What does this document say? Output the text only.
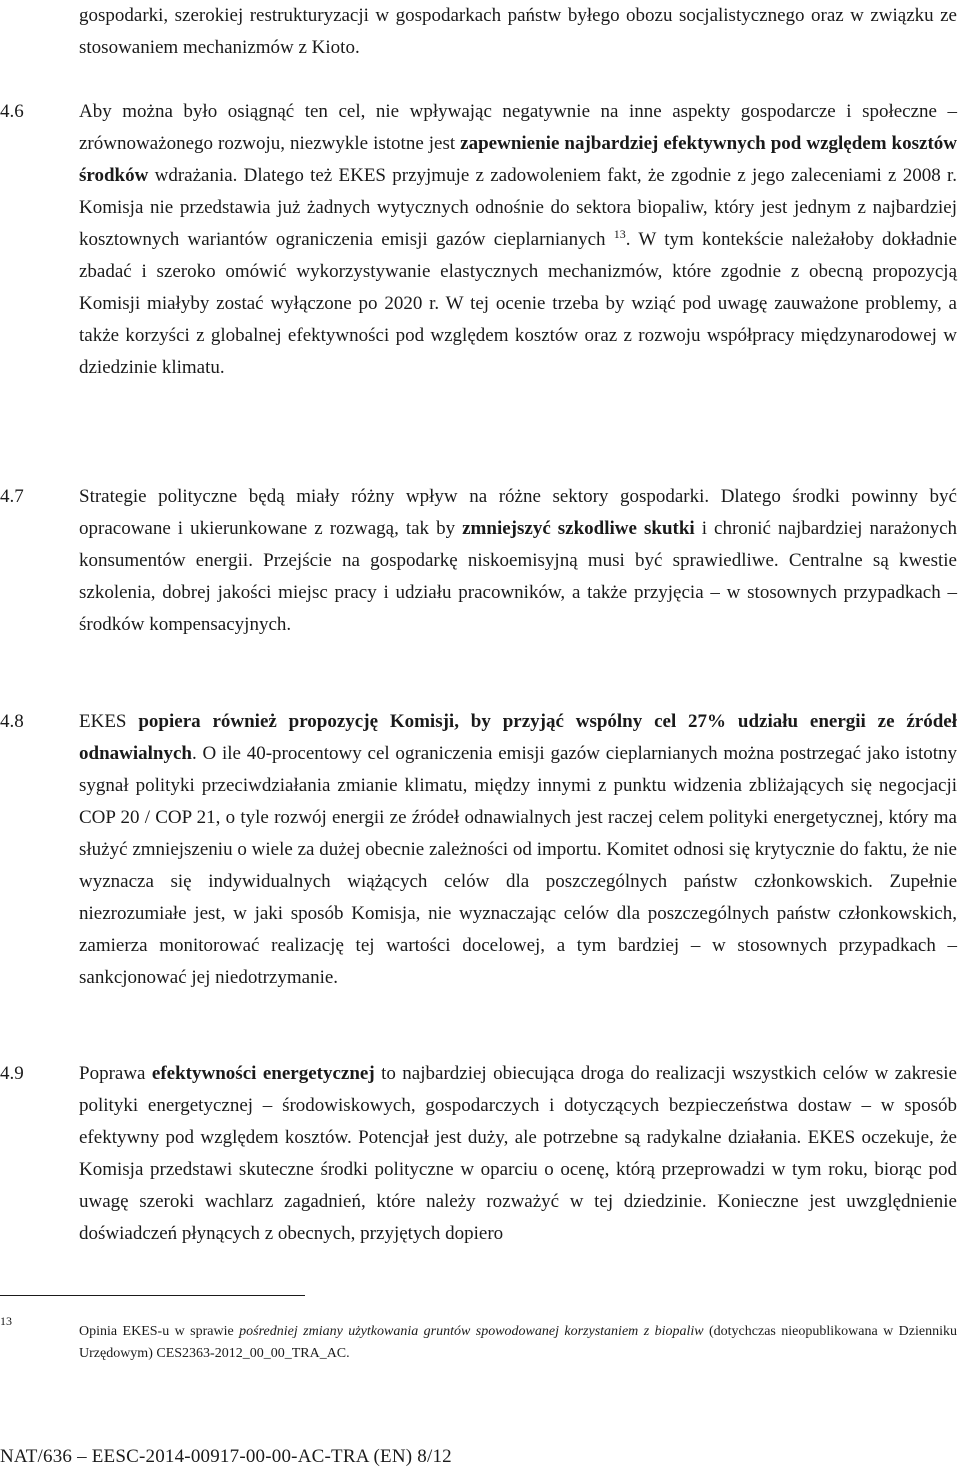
gospodarki, szerokiej restrukturyzacji w gospodarkach państw byłego obozu socjalistycznego oraz w związku ze stosowaniem mechanizmów z Kioto.
4.6	Aby można było osiągnąć ten cel, nie wpływając negatywnie na inne aspekty gospodarcze i społeczne – zrównoważonego rozwoju, niezwykle istotne jest zapewnienie najbardziej efektywnych pod względem kosztów środków wdrażania. Dlatego też EKES przyjmuje z zadowoleniem fakt, że zgodnie z jego zaleceniami z 2008 r. Komisja nie przedstawia już żadnych wytycznych odnośnie do sektora biopaliw, który jest jednym z najbardziej kosztownych wariantów ograniczenia emisji gazów cieplarnianych $^{13}$. W tym kontekście należałoby dokładnie zbadać i szeroko omówić wykorzystywanie elastycznych mechanizmów, które zgodnie z obecną propozycją Komisji miałyby zostać wyłączone po 2020 r. W tej ocenie trzeba by wziąć pod uwagę zauważone problemy, a także korzyści z globalnej efektywności pod względem kosztów oraz z rozwoju współpracy międzynarodowej w dziedzinie klimatu.
4.7	Strategie polityczne będą miały różny wpływ na różne sektory gospodarki. Dlatego środki powinny być opracowane i ukierunkowane z rozwagą, tak by zmniejszyć szkodliwe skutki i chronić najbardziej narażonych konsumentów energii. Przejście na gospodarkę niskoemisyjną musi być sprawiedliwe. Centralne są kwestie szkolenia, dobrej jakości miejsc pracy i udziału pracowników, a także przyjęcia – w stosownych przypadkach – środków kompensacyjnych.
4.8	EKES popiera również propozycję Komisji, by przyjąć wspólny cel 27% udziału energii ze źródeł odnawialnych. O ile 40-procentowy cel ograniczenia emisji gazów cieplarnianych można postrzegać jako istotny sygnał polityki przeciwdziałania zmianie klimatu, między innymi z punktu widzenia zbliżających się negocjacji COP 20 / COP 21, o tyle rozwój energii ze źródeł odnawialnych jest raczej celem polityki energetycznej, który ma służyć zmniejszeniu o wiele za dużej obecnie zależności od importu. Komitet odnosi się krytycznie do faktu, że nie wyznacza się indywidualnych wiążących celów dla poszczególnych państw członkowskich. Zupełnie niezrozumiałe jest, w jaki sposób Komisja, nie wyznaczając celów dla poszczególnych państw członkowskich, zamierza monitorować realizację tej wartości docelowej, a tym bardziej – w stosownych przypadkach – sankcjonować jej niedotrzymanie.
4.9	Poprawa efektywności energetycznej to najbardziej obiecująca droga do realizacji wszystkich celów w zakresie polityki energetycznej – środowiskowych, gospodarczych i dotyczących bezpieczeństwa dostaw – w sposób efektywny pod względem kosztów. Potencjał jest duży, ale potrzebne są radykalne działania. EKES oczekuje, że Komisja przedstawi skuteczne środki polityczne w oparciu o ocenę, którą przeprowadzi w tym roku, biorąc pod uwagę szeroki wachlarz zagadnień, które należy rozważyć w tej dziedzinie. Konieczne jest uwzględnienie doświadczeń płynących z obecnych, przyjętych dopiero
13
Opinia EKES-u w sprawie pośredniej zmiany użytkowania gruntów spowodowanej korzystaniem z biopaliw (dotychczas nieopublikowana w Dzienniku Urzędowym) CES2363-2012_00_00_TRA_AC.
NAT/636 – EESC-2014-00917-00-00-AC-TRA (EN) 8/12
